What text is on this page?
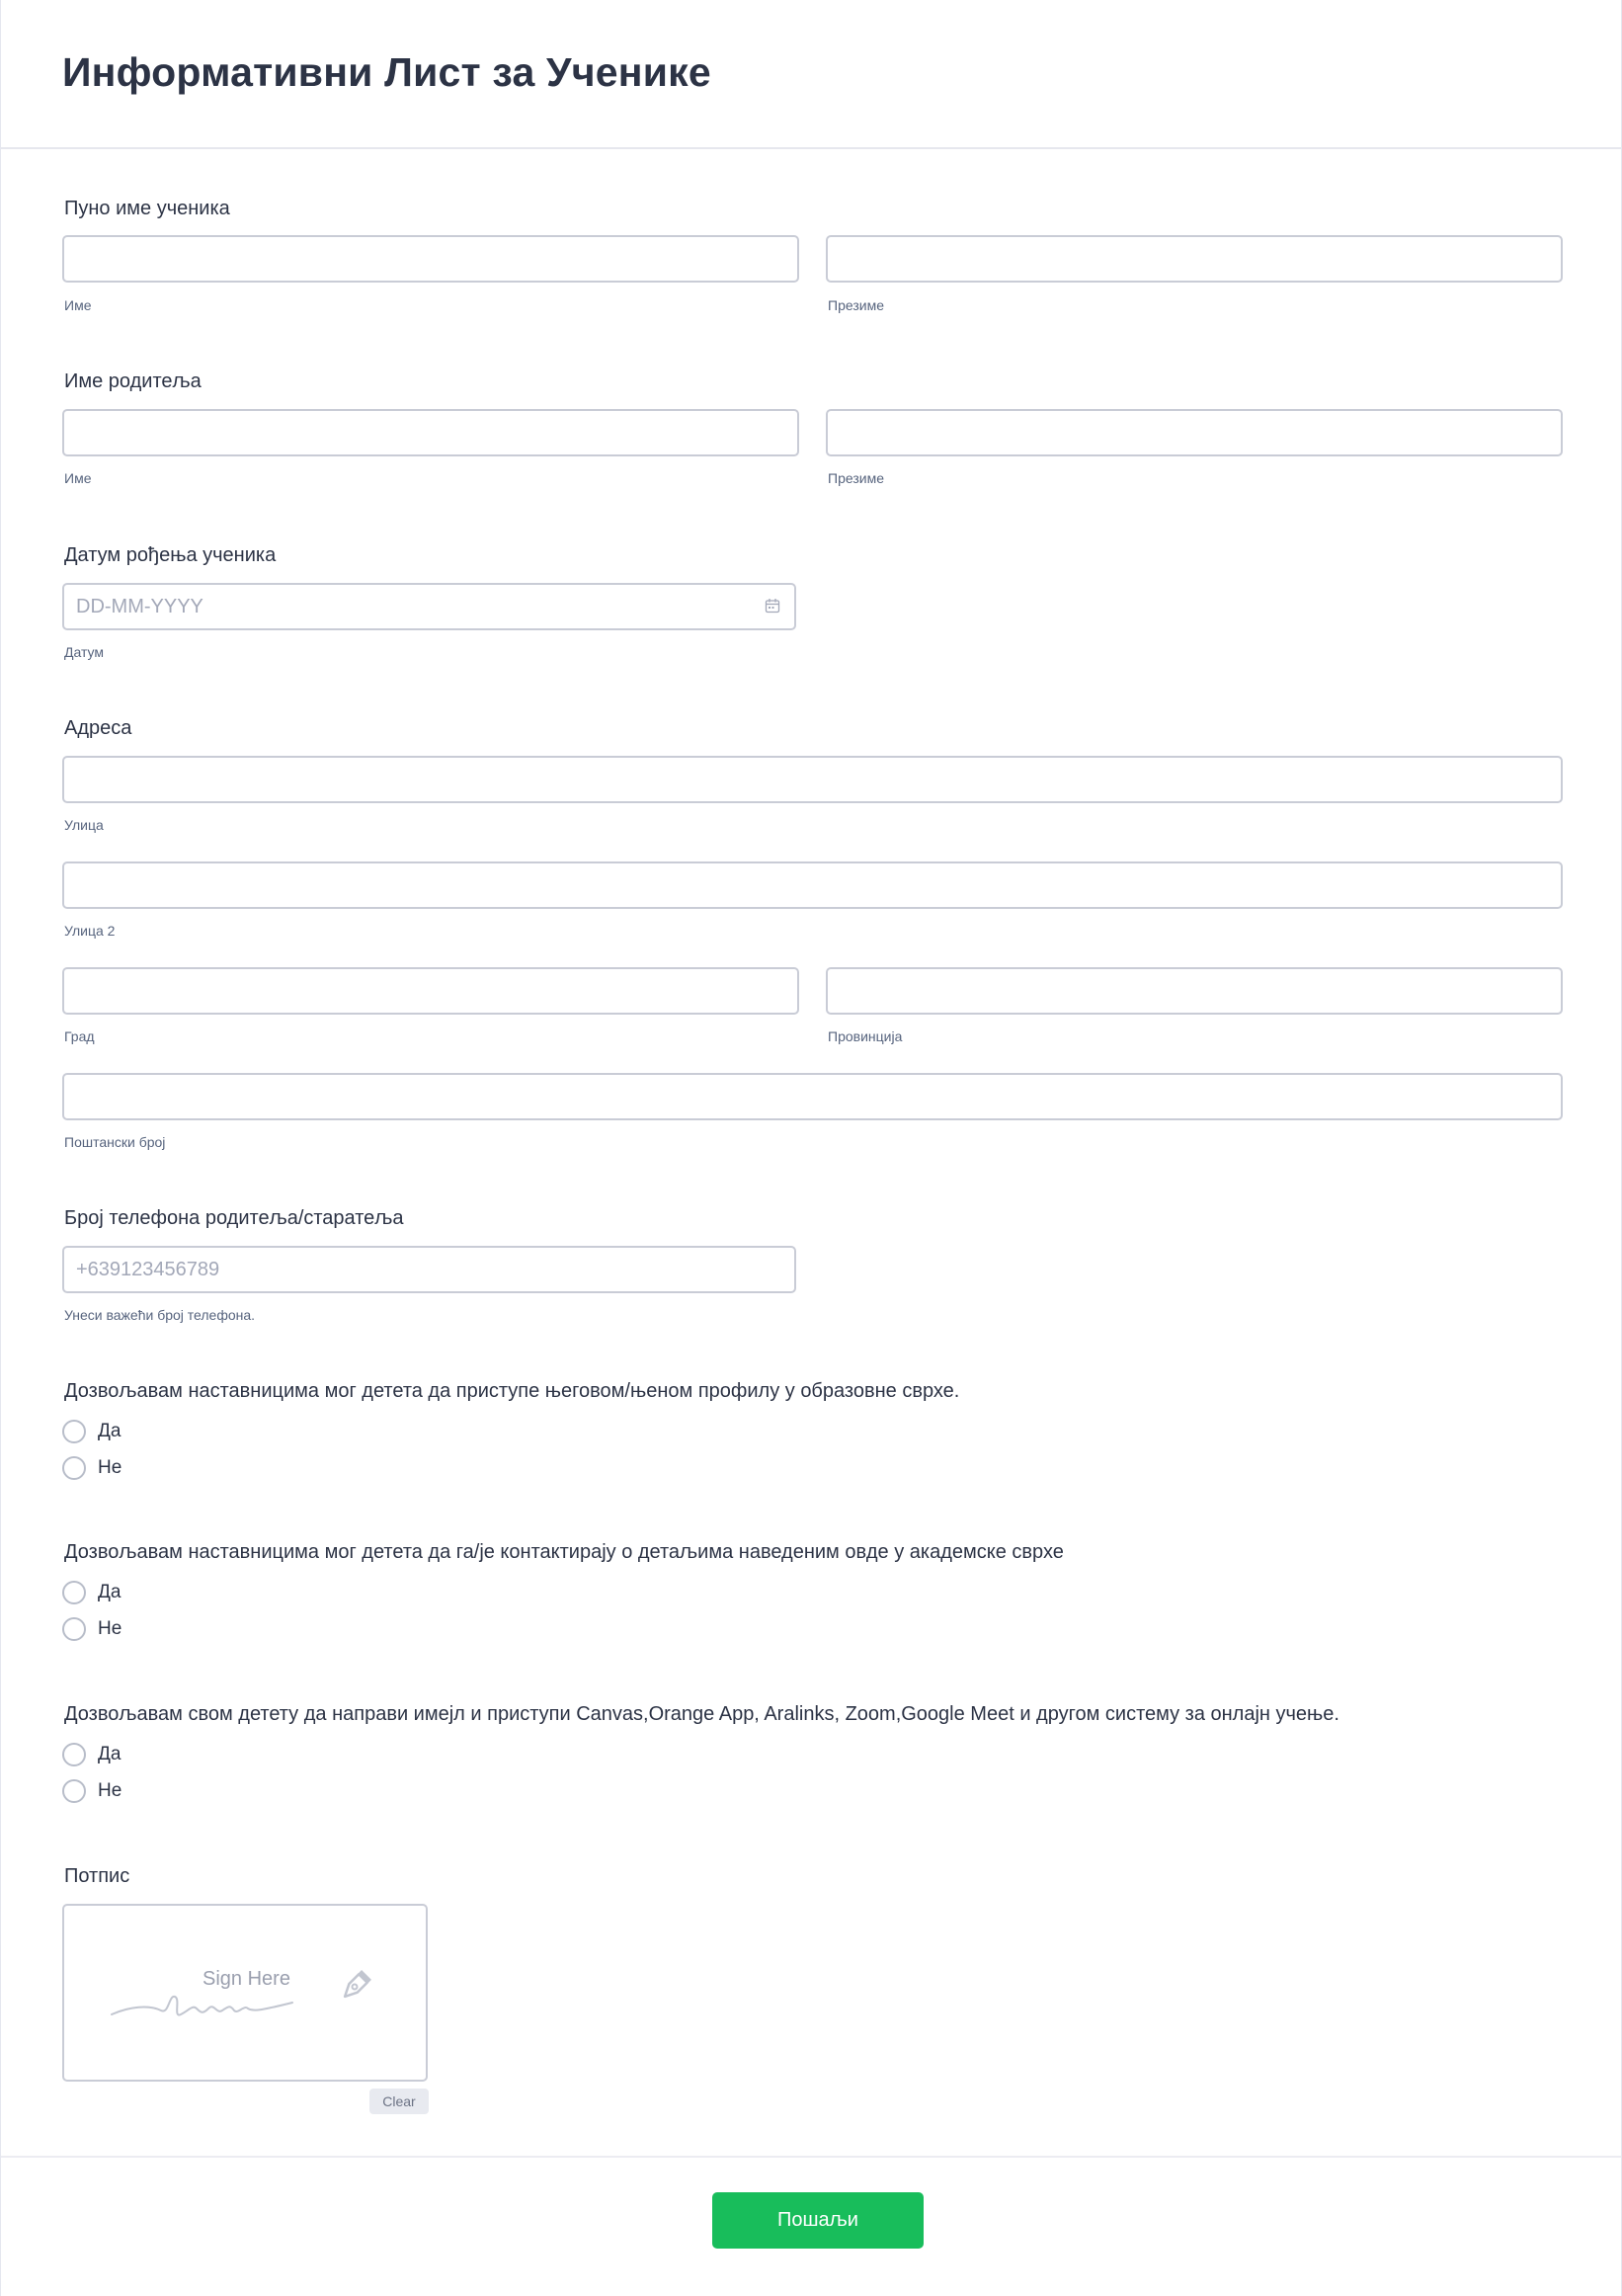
Информативни Лист за Ученике
Пуно име ученика
Име	Презиме
Име родитеља
Име	Презиме
Датум рођења ученика
DD-MM-YYYY
Датум
Адреса
Улица
Улица 2
Град	Провинција
Поштански број
Број телефона родитеља/старатеља
+639123456789
Унеси важећи број телефона.
Дозвољавам наставницима мог детета да приступе његовом/њеном профилу у образовне сврхе.
Да
Не
Дозвољавам наставницима мог детета да га/је контактирају о детаљима наведеним овде у академске сврхе
Да
Не
Дозвољавам свом детету да направи имејл и приступи Canvas,Orange App, Aralinks, Zoom,Google Meet и другом систему за онлајн учење.
Да
Не
Потпис
Sign Here
Clear
Пошаљи
